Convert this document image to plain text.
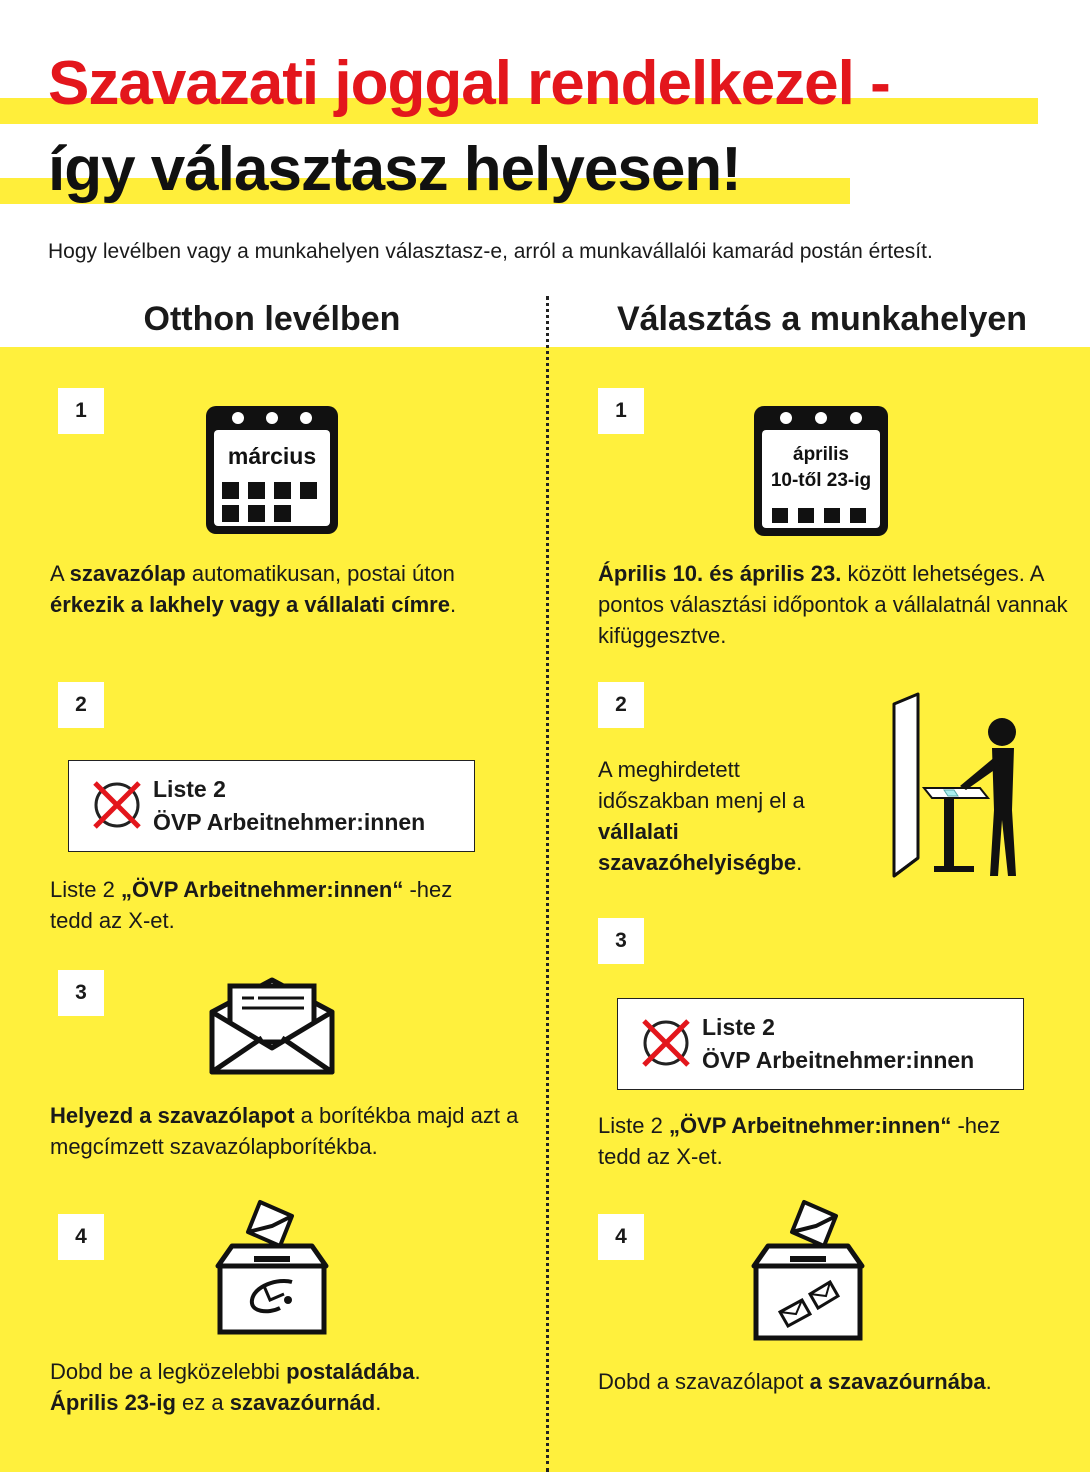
Szavazati joggal rendelkezel -
így választasz helyesen!
Hogy levélben vagy a munkahelyen választasz-e, arról a munkavállalói kamarád postán értesít.
Otthon levélben	Választás a munkahelyen
1
március
A szavazólap automatikusan, postai úton érkezik a lakhely vagy a vállalati címre.
2
Liste 2
ÖVP Arbeitnehmer:innen
Liste 2 „ÖVP Arbeitnehmer:innen“ -hez tedd az X-et.
3
Helyezd a szavazólapot a borítékba majd azt a megcímzett szavazólapborítékba.
4
Dobd be a legközelebbi postaládába. Április 23-ig ez a szavazóurnád.
1
április
10-től 23-ig
Április 10. és április 23. között lehetséges. A pontos választási időpontok a vállalatnál vannak kifüggesztve.
2
A meghirdetett időszakban menj el a vállalati szavazóhelyiségbe.
3
Liste 2
ÖVP Arbeitnehmer:innen
Liste 2 „ÖVP Arbeitnehmer:innen“ -hez tedd az X-et.
4
Dobd a szavazólapot a szavazóurnába.
